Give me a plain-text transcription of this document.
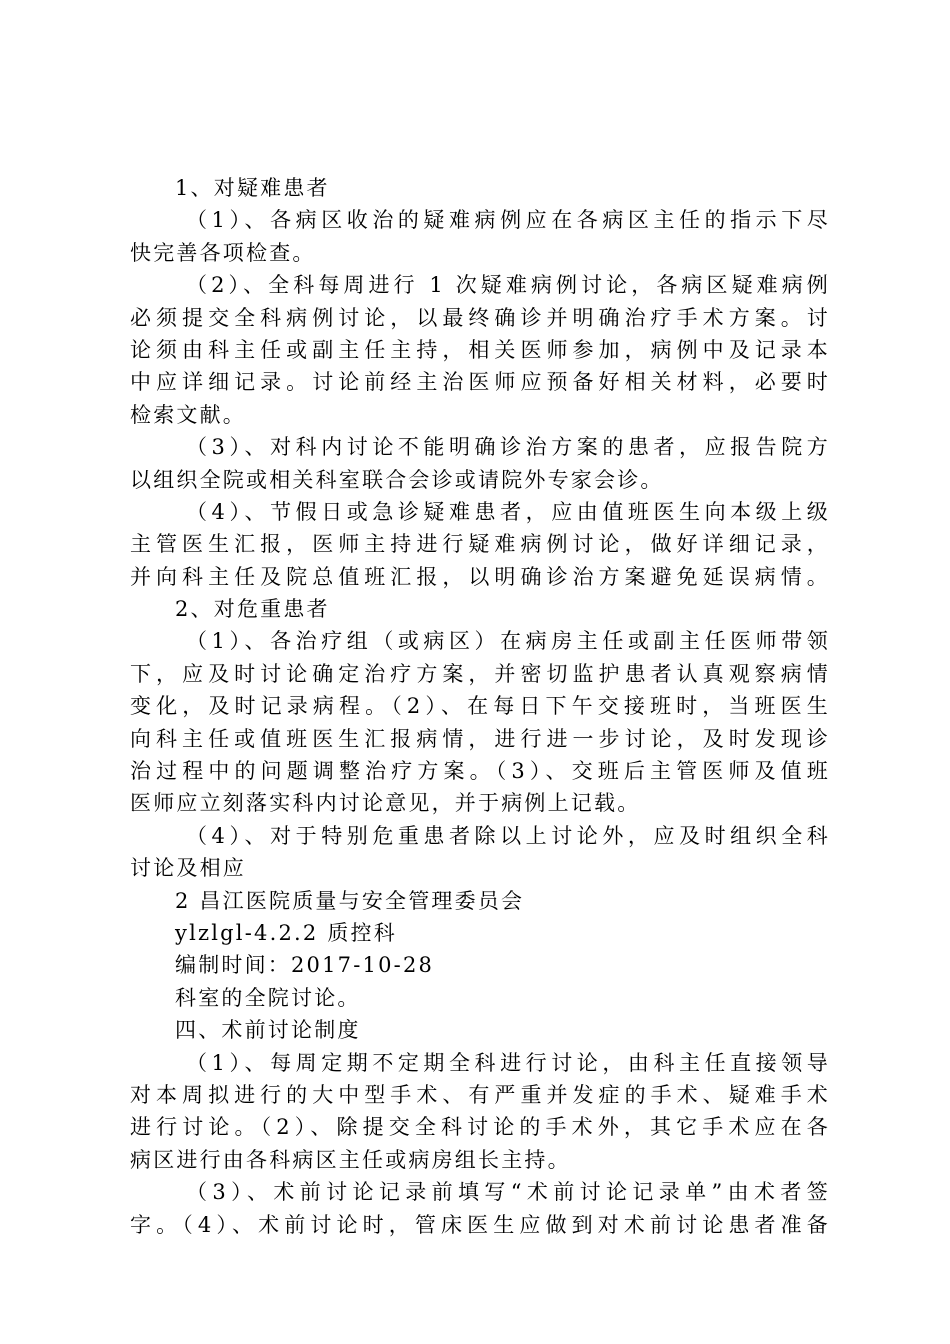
1、对疑难患者
（1）、各病区收治的疑难病例应在各病区主任的指示下尽
快完善各项检查。
（2）、全科每周进行 1 次疑难病例讨论，各病区疑难病例
必须提交全科病例讨论，以最终确诊并明确治疗手术方案。讨
论须由科主任或副主任主持，相关医师参加，病例中及记录本
中应详细记录。讨论前经主治医师应预备好相关材料，必要时
检索文献。
（3）、对科内讨论不能明确诊治方案的患者，应报告院方
以组织全院或相关科室联合会诊或请院外专家会诊。
（4）、节假日或急诊疑难患者，应由值班医生向本级上级
主管医生汇报，医师主持进行疑难病例讨论，做好详细记录，
并向科主任及院总值班汇报，以明确诊治方案避免延误病情。
2、对危重患者
（1）、各治疗组（或病区）在病房主任或副主任医师带领
下，应及时讨论确定治疗方案，并密切监护患者认真观察病情
变化，及时记录病程。（2）、在每日下午交接班时，当班医生
向科主任或值班医生汇报病情，进行进一步讨论，及时发现诊
治过程中的问题调整治疗方案。（3）、交班后主管医师及值班
医师应立刻落实科内讨论意见，并于病例上记载。
（4）、对于特别危重患者除以上讨论外，应及时组织全科
讨论及相应
2 昌江医院质量与安全管理委员会
ylzlgl-4.2.2 质控科
编制时间：2017-10-28
科室的全院讨论。
四、术前讨论制度
（1）、每周定期不定期全科进行讨论，由科主任直接领导
对本周拟进行的大中型手术、有严重并发症的手术、疑难手术
进行讨论。（2）、除提交全科讨论的手术外，其它手术应在各
病区进行由各科病区主任或病房组长主持。
（3）、术前讨论记录前填写“术前讨论记录单”由术者签
字。（4）、术前讨论时，管床医生应做到对术前讨论患者准备
